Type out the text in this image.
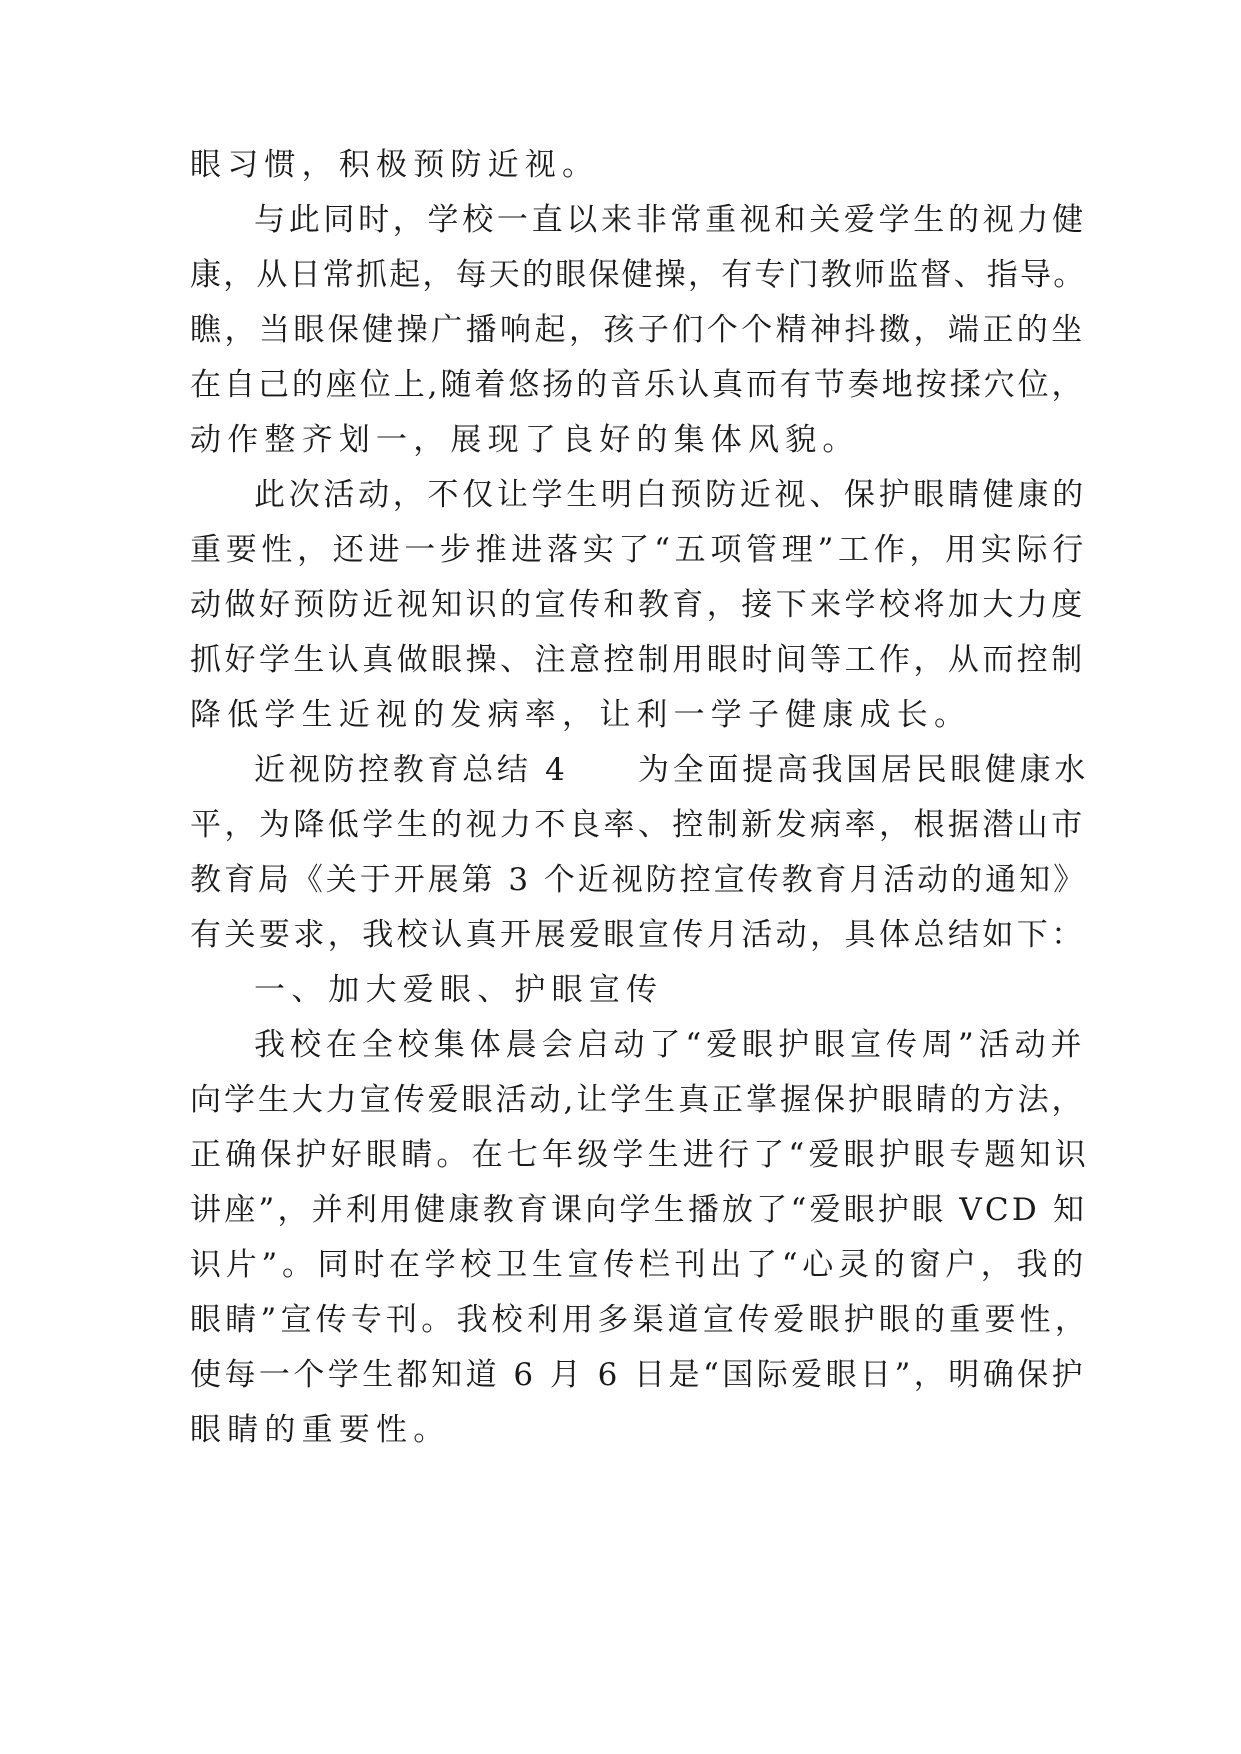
眼习惯，积极预防近视。

与此同时，学校一直以来非常重视和关爱学生的视力健

康，从日常抓起，每天的眼保健操，有专门教师监督、指导。

瞧，当眼保健操广播响起，孩子们个个精神抖擞，端正的坐

在自己的座位上,随着悠扬的音乐认真而有节奏地按揉穴位，

动作整齐划一，展现了良好的集体风貌。

此次活动，不仅让学生明白预防近视、保护眼睛健康的

重要性，还进一步推进落实了“五项管理”工作，用实际行

动做好预防近视知识的宣传和教育，接下来学校将加大力度

抓好学生认真做眼操、注意控制用眼时间等工作，从而控制

降低学生近视的发病率，让利一学子健康成长。

近视防控教育总结 4　　为全面提高我国居民眼健康水

平，为降低学生的视力不良率、控制新发病率，根据潜山市

教育局《关于开展第 3 个近视防控宣传教育月活动的通知》

有关要求，我校认真开展爱眼宣传月活动，具体总结如下：

一、加大爱眼、护眼宣传

我校在全校集体晨会启动了“爱眼护眼宣传周”活动并

向学生大力宣传爱眼活动,让学生真正掌握保护眼睛的方法，

正确保护好眼睛。在七年级学生进行了“爱眼护眼专题知识

讲座”，并利用健康教育课向学生播放了“爱眼护眼 VCD 知

识片”。同时在学校卫生宣传栏刊出了“心灵的窗户，我的

眼睛”宣传专刊。我校利用多渠道宣传爱眼护眼的重要性，

使每一个学生都知道 6 月 6 日是“国际爱眼日”，明确保护

眼睛的重要性。
